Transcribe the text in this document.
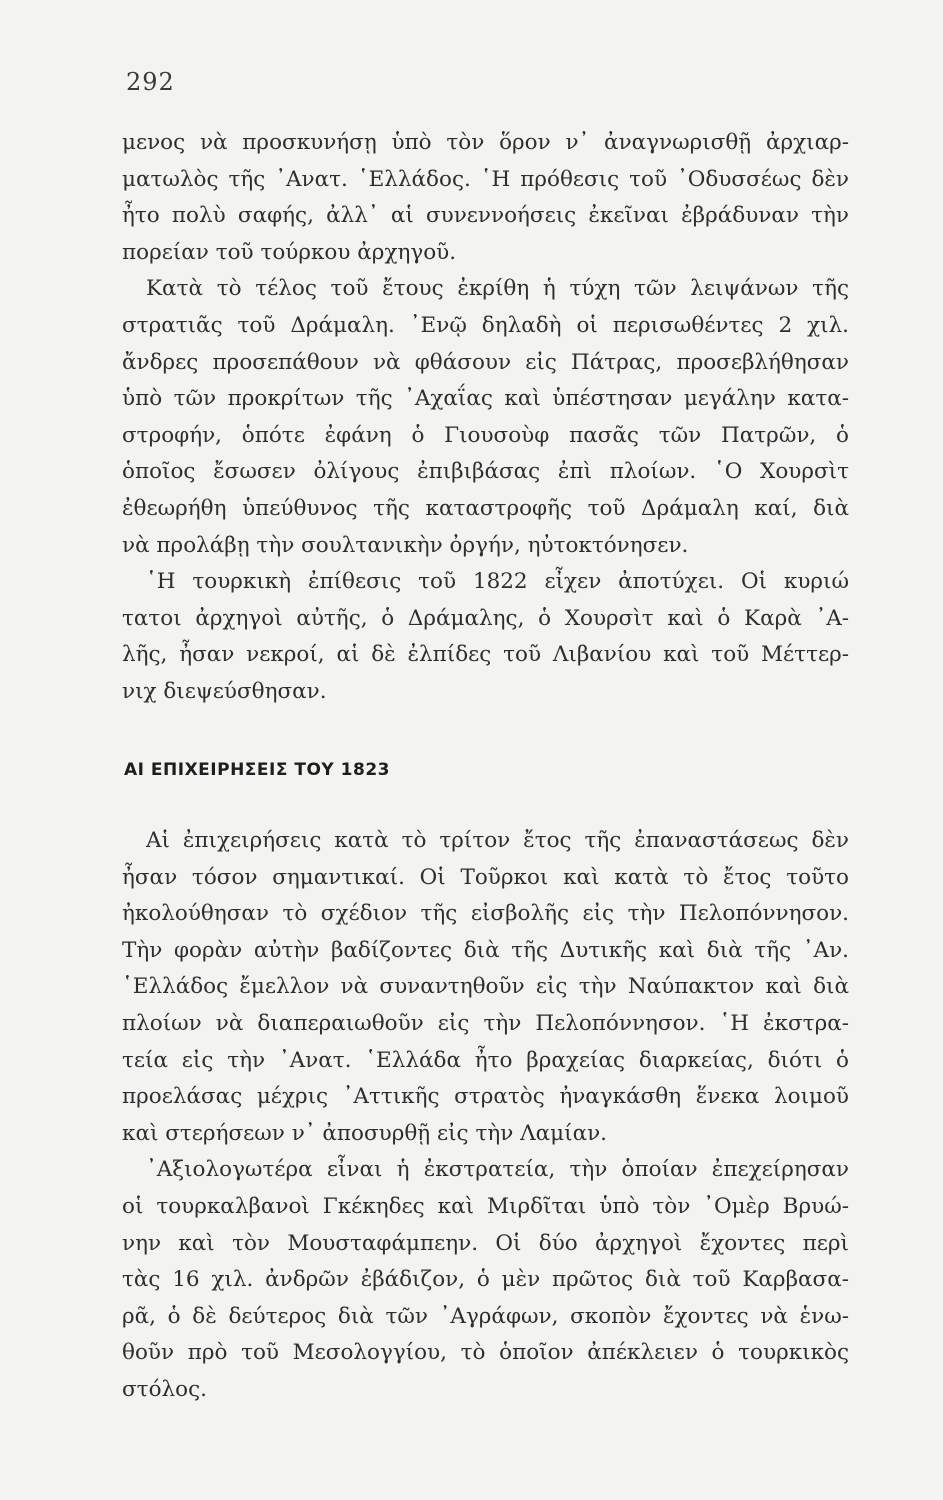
292
μενος νὰ προσκυνήσῃ ὑπὸ τὸν ὅρον ν᾿ ἀναγνωρισθῇ ἀρχιαρ-
ματωλὸς τῆς ᾿Ανατ. ῾Ελλάδος. ῾Η πρόθεσις τοῦ ᾿Οδυσσέως δὲν
ἦτο πολὺ σαφής, ἀλλ᾿ αἱ συνεννοήσεις ἐκεῖναι ἐβράδυναν τὴν
πορείαν τοῦ τούρκου ἀρχηγοῦ.
Κατὰ τὸ τέλος τοῦ ἔτους ἐκρίθη ἡ τύχη τῶν λειψάνων τῆς
στρατιᾶς τοῦ Δράμαλη. ᾿Ενῷ δηλαδὴ οἱ περισωθέντες 2 χιλ.
ἄνδρες προσεπάθουν νὰ φθάσουν εἰς Πάτρας, προσεβλήθησαν
ὑπὸ τῶν προκρίτων τῆς ᾿Αχαΐας καὶ ὑπέστησαν μεγάλην κατα-
στροφήν, ὁπότε ἐφάνη ὁ Γιουσοὺφ πασᾶς τῶν Πατρῶν, ὁ
ὁποῖος ἔσωσεν ὀλίγους ἐπιβιβάσας ἐπὶ πλοίων. ῾Ο Χουρσὶτ
ἐθεωρήθη ὑπεύθυνος τῆς καταστροφῆς τοῦ Δράμαλη καί, διὰ
νὰ προλάβῃ τὴν σουλτανικὴν ὀργήν, ηὐτοκτόνησεν.
῾Η τουρκικὴ ἐπίθεσις τοῦ 1822 εἶχεν ἀποτύχει. Οἱ κυριώ
τατοι ἀρχηγοὶ αὐτῆς, ὁ Δράμαλης, ὁ Χουρσὶτ καὶ ὁ Καρὰ ᾿Α-
λῆς, ἦσαν νεκροί, αἱ δὲ ἐλπίδες τοῦ Λιβανίου καὶ τοῦ Μέττερ-
νιχ διεψεύσθησαν.
ΑΙ ΕΠΙΧΕΙΡΗΣΕΙΣ ΤΟΥ 1823
Αἱ ἐπιχειρήσεις κατὰ τὸ τρίτον ἔτος τῆς ἐπαναστάσεως δὲν
ἦσαν τόσον σημαντικαί. Οἱ Τοῦρκοι καὶ κατὰ τὸ ἔτος τοῦτο
ἠκολούθησαν τὸ σχέδιον τῆς εἰσβολῆς εἰς τὴν Πελοπόννησον.
Τὴν φορὰν αὐτὴν βαδίζοντες διὰ τῆς Δυτικῆς καὶ διὰ τῆς ᾿Αν.
῾Ελλάδος ἔμελλον νὰ συναντηθοῦν εἰς τὴν Ναύπακτον καὶ διὰ
πλοίων νὰ διαπεραιωθοῦν εἰς τὴν Πελοπόννησον. ῾Η ἐκστρα-
τεία εἰς τὴν ᾿Ανατ. ῾Ελλάδα ἦτο βραχείας διαρκείας, διότι ὁ
προελάσας μέχρις ᾿Αττικῆς στρατὸς ἠναγκάσθη ἕνεκα λοιμοῦ
καὶ στερήσεων ν᾿ ἀποσυρθῇ εἰς τὴν Λαμίαν.
᾿Αξιολογωτέρα εἶναι ἡ ἐκστρατεία, τὴν ὁποίαν ἐπεχείρησαν
οἱ τουρκαλβανοὶ Γκέκηδες καὶ Μιρδῖται ὑπὸ τὸν ᾿Ομὲρ Βρυώ-
νην καὶ τὸν Μουσταφάμπεην. Οἱ δύο ἀρχηγοὶ ἔχοντες περὶ
τὰς 16 χιλ. ἀνδρῶν ἐβάδιζον, ὁ μὲν πρῶτος διὰ τοῦ Καρβασα-
ρᾶ, ὁ δὲ δεύτερος διὰ τῶν ᾿Αγράφων, σκοπὸν ἔχοντες νὰ ἑνω-
θοῦν πρὸ τοῦ Μεσολογγίου, τὸ ὁποῖον ἀπέκλειεν ὁ τουρκικὸς
στόλος.
